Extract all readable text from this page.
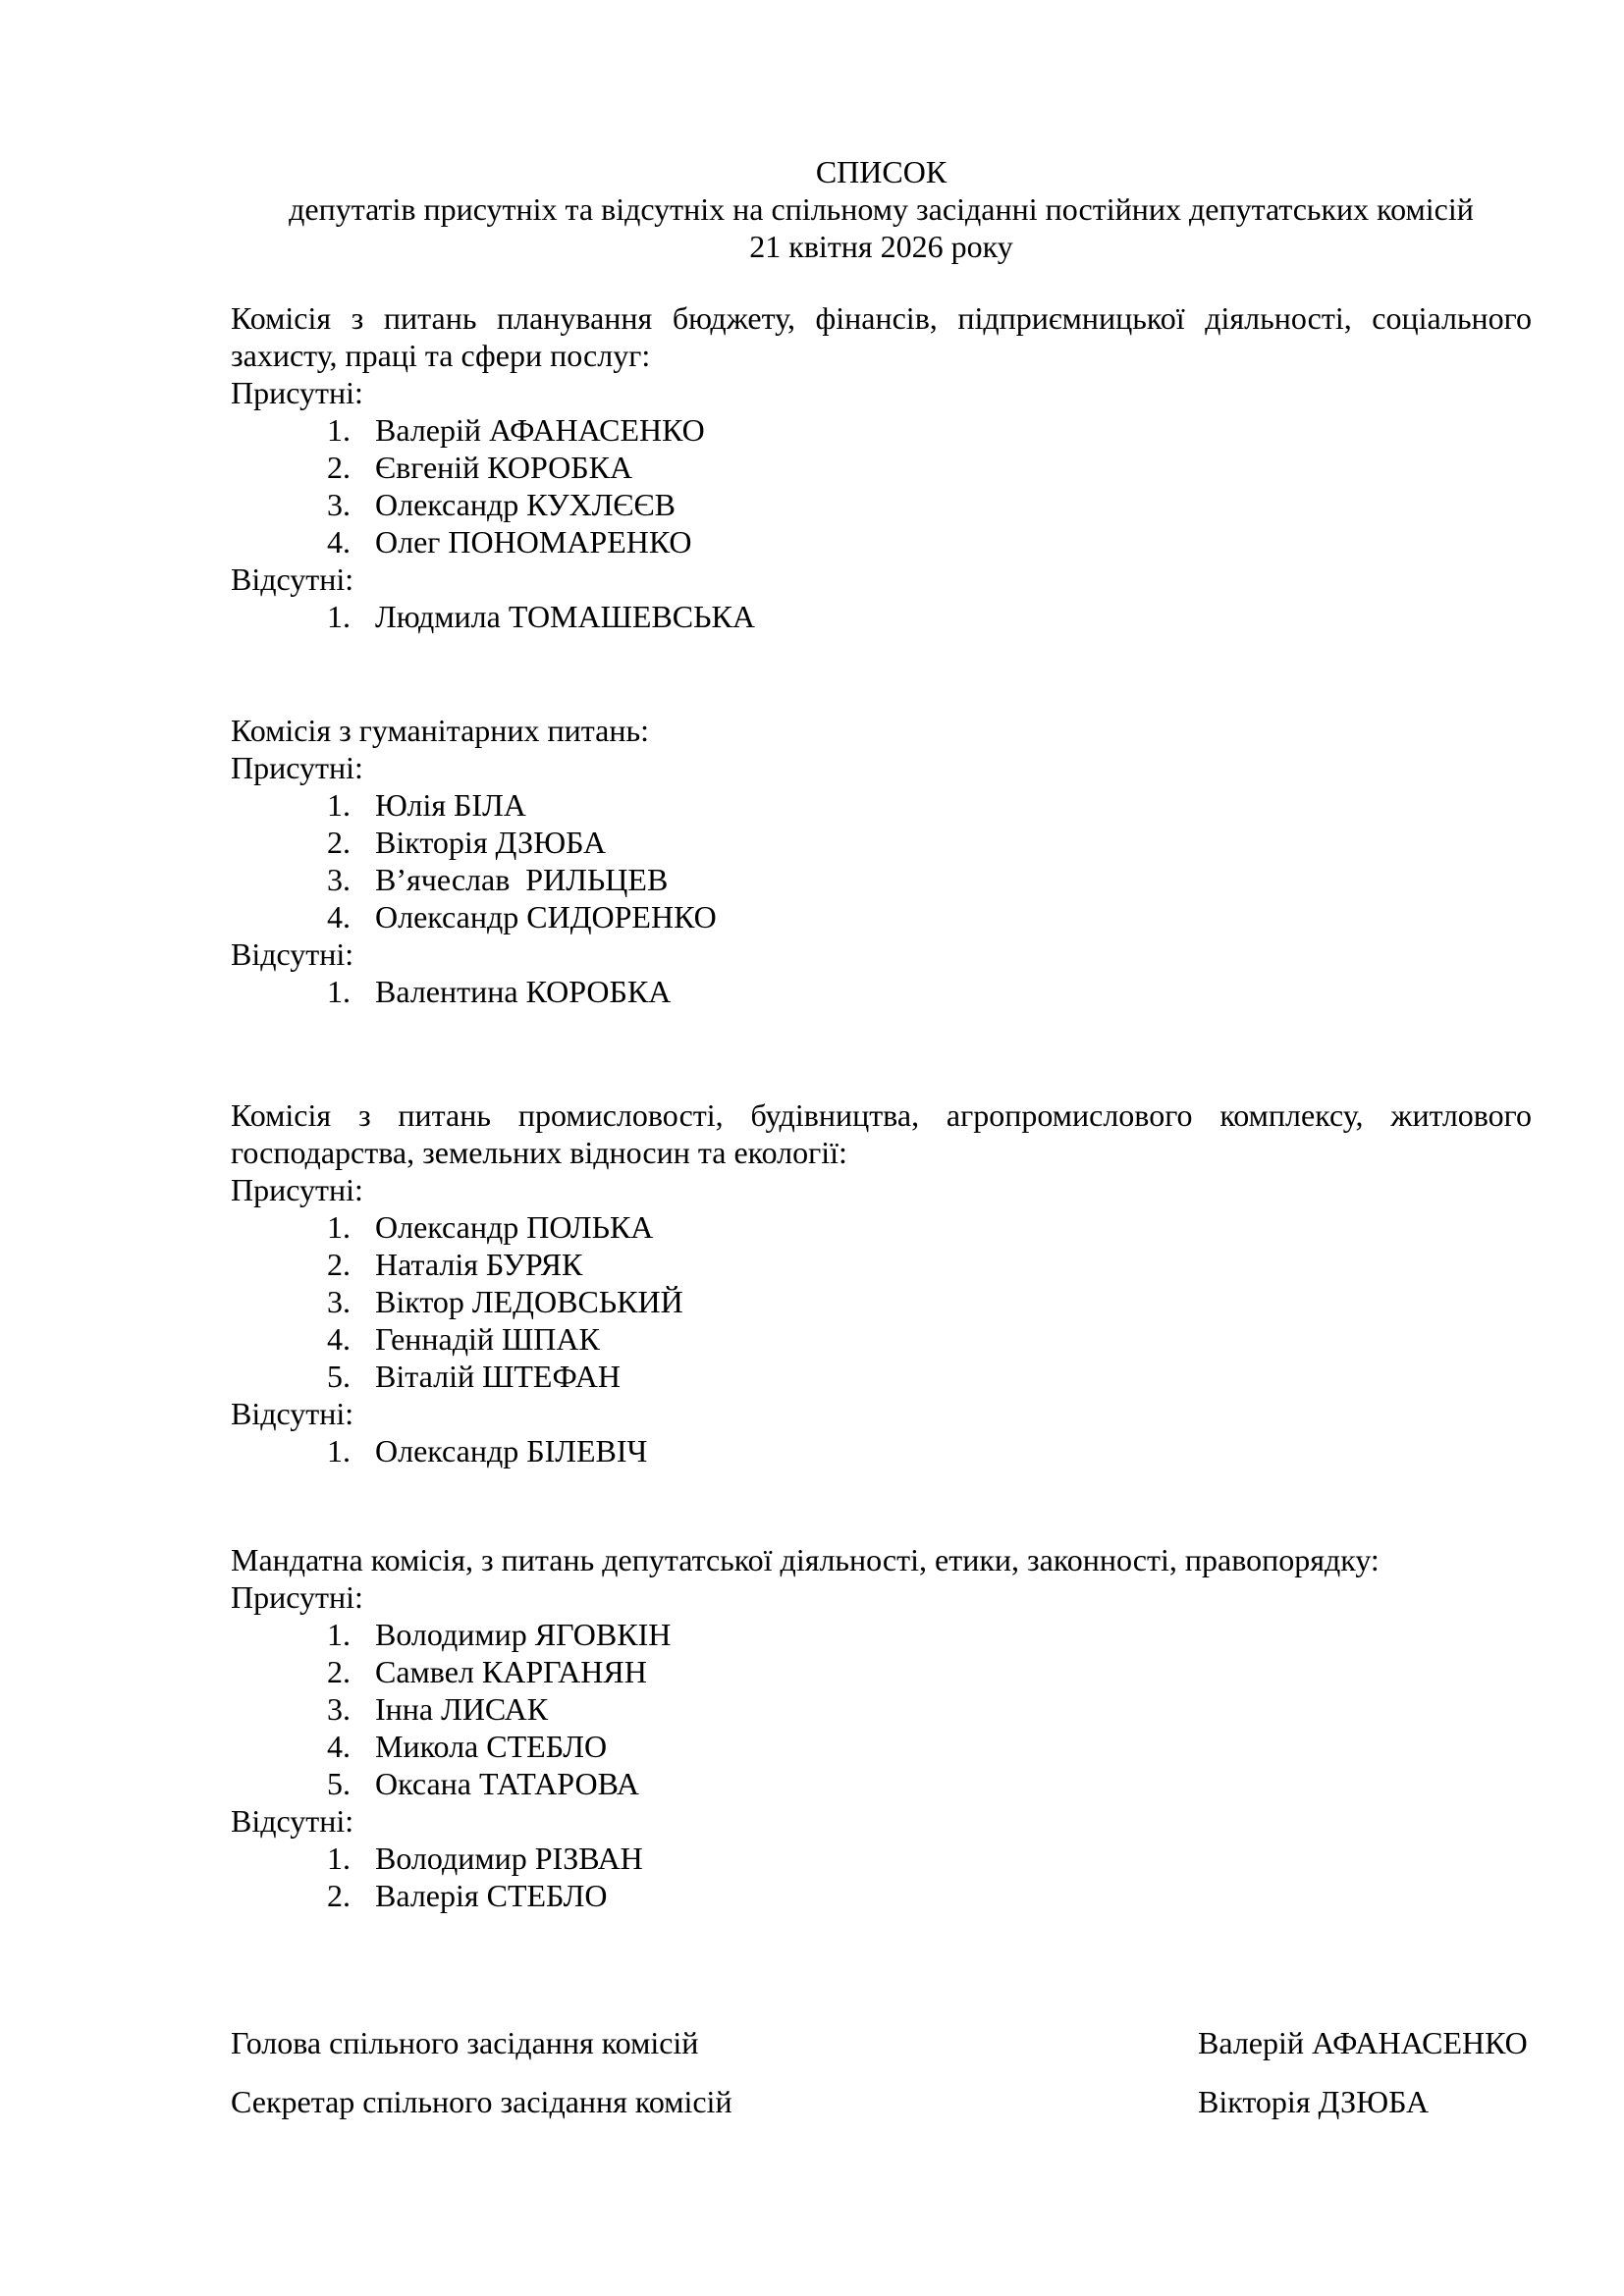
СПИСОК
депутатів присутніх та відсутніх на спільному засіданні постійних депутатських комісій
21 квітня 2026 року

Комісія з питань планування бюджету, фінансів, підприємницької діяльності, соціального захисту, праці та сфери послуг:

Присутні:
1. Валерій АФАНАСЕНКО
2. Євгеній КОРОБКА
3. Олександр КУХЛЄЄВ
4. Олег ПОНОМАРЕНКО
Відсутні:
1. Людмила ТОМАШЕВСЬКА

Комісія з гуманітарних питань:

Присутні:
1. Юлія БІЛА
2. Вікторія ДЗЮБА
3. В’ячеслав  РИЛЬЦЕВ
4. Олександр СИДОРЕНКО
Відсутні:
1. Валентина КОРОБКА

Комісія з питань промисловості, будівництва, агропромислового комплексу, житлового господарства, земельних відносин та екології:

Присутні:
1. Олександр ПОЛЬКА
2. Наталія БУРЯК
3. Віктор ЛЕДОВСЬКИЙ
4. Геннадій ШПАК
5. Віталій ШТЕФАН
Відсутні:
1. Олександр БІЛЕВІЧ

Мандатна комісія, з питань депутатської діяльності, етики, законності, правопорядку:

Присутні:
1. Володимир ЯГОВКІН
2. Самвел КАРГАНЯН
3. Інна ЛИСАК
4. Микола СТЕБЛО
5. Оксана ТАТАРОВА
Відсутні:
1. Володимир РІЗВАН
2. Валерія СТЕБЛО
Голова спільного засідання комісій	Валерій АФАНАСЕНКО
Секретар спільного засідання комісій	Вікторія ДЗЮБА
